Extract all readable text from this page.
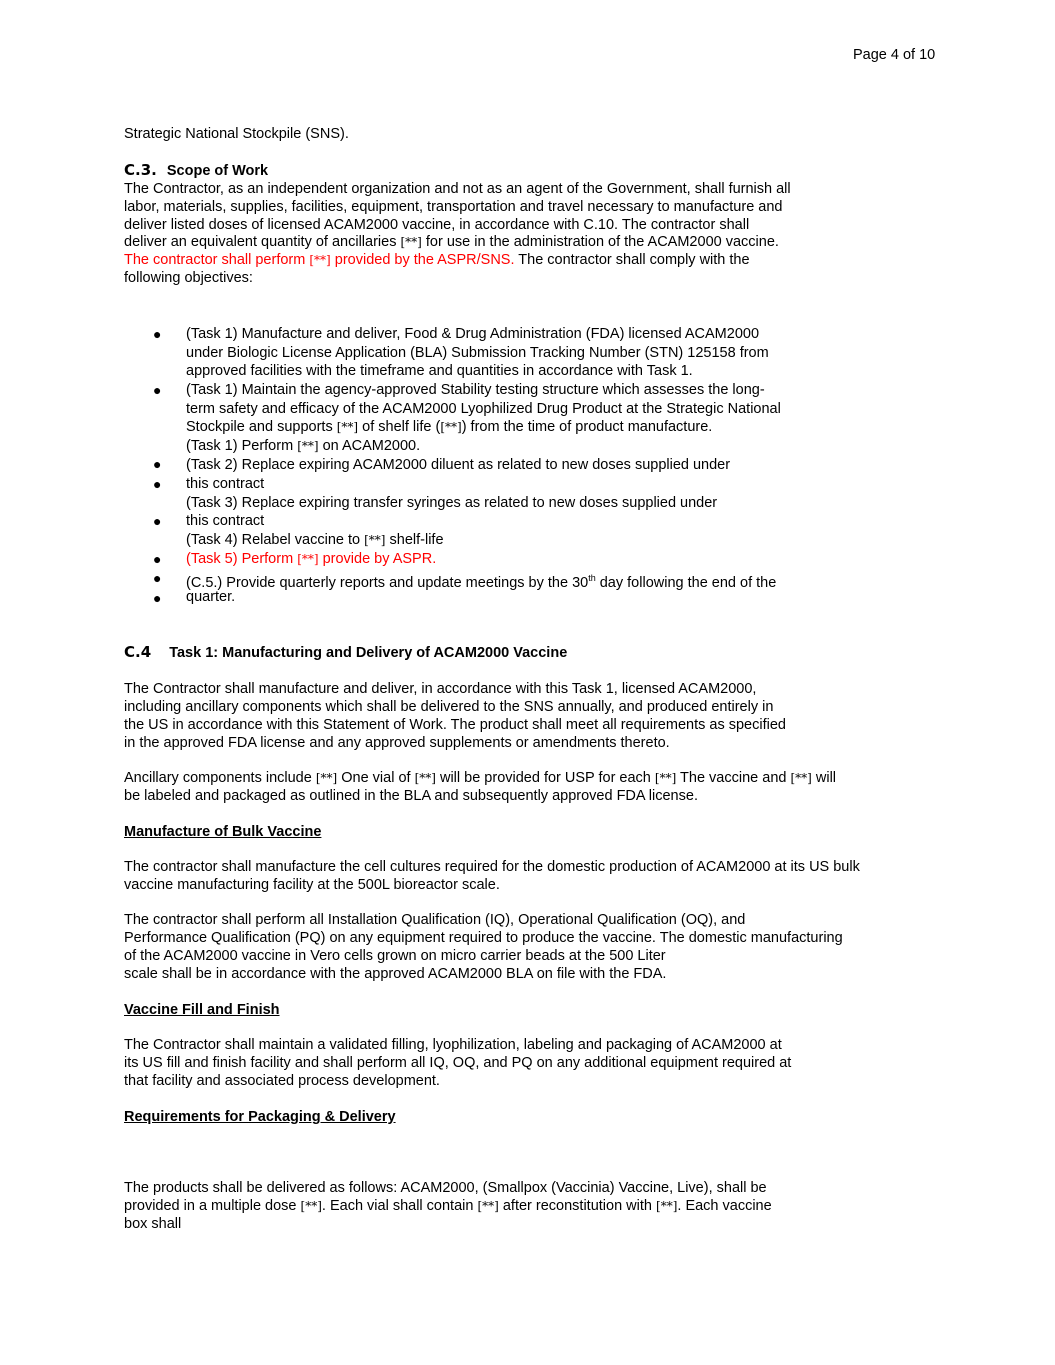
Page 4 of 10
Strategic National Stockpile (SNS).
C.3. Scope of Work
The Contractor, as an independent organization and not as an agent of the Government, shall furnish all
labor, materials, supplies, facilities, equipment, transportation and travel necessary to manufacture and
deliver listed doses of licensed ACAM2000 vaccine, in accordance with C.10. The contractor shall
deliver an equivalent quantity of ancillaries [**] for use in the administration of the ACAM2000 vaccine.
The contractor shall perform [**] provided by the ASPR/SNS. The contractor shall comply with the
following objectives:
●
●
●
●
●
●
●
●
(Task 1) Manufacture and deliver, Food & Drug Administration (FDA) licensed ACAM2000
under Biologic License Application (BLA) Submission Tracking Number (STN) 125158 from
approved facilities with the timeframe and quantities in accordance with Task 1.
(Task 1) Maintain the agency-approved Stability testing structure which assesses the long-
term safety and efficacy of the ACAM2000 Lyophilized Drug Product at the Strategic National
Stockpile and supports [**] of shelf life ([**]) from the time of product manufacture.
(Task 1) Perform [**] on ACAM2000.
(Task 2) Replace expiring ACAM2000 diluent as related to new doses supplied under
this contract
(Task 3) Replace expiring transfer syringes as related to new doses supplied under
this contract
(Task 4) Relabel vaccine to [**] shelf-life
(Task 5) Perform [**] provide by ASPR.
(C.5.) Provide quarterly reports and update meetings by the 30th day following the end of the
quarter.
C.4 Task 1: Manufacturing and Delivery of ACAM2000 Vaccine
The Contractor shall manufacture and deliver, in accordance with this Task 1, licensed ACAM2000,
including ancillary components which shall be delivered to the SNS annually, and produced entirely in
the US in accordance with this Statement of Work. The product shall meet all requirements as specified
in the approved FDA license and any approved supplements or amendments thereto.
Ancillary components include [**] One vial of [**] will be provided for USP for each [**] The vaccine and [**] will
be labeled and packaged as outlined in the BLA and subsequently approved FDA license.
Manufacture of Bulk Vaccine
The contractor shall manufacture the cell cultures required for the domestic production of ACAM2000 at its US bulk
vaccine manufacturing facility at the 500L bioreactor scale.
The contractor shall perform all Installation Qualification (IQ), Operational Qualification (OQ), and
Performance Qualification (PQ) on any equipment required to produce the vaccine. The domestic manufacturing
of the ACAM2000 vaccine in Vero cells grown on micro carrier beads at the 500 Liter
scale shall be in accordance with the approved ACAM2000 BLA on file with the FDA.
Vaccine Fill and Finish
The Contractor shall maintain a validated filling, lyophilization, labeling and packaging of ACAM2000 at
its US fill and finish facility and shall perform all IQ, OQ, and PQ on any additional equipment required at
that facility and associated process development.
Requirements for Packaging & Delivery
The products shall be delivered as follows: ACAM2000, (Smallpox (Vaccinia) Vaccine, Live), shall be
provided in a multiple dose [**]. Each vial shall contain [**] after reconstitution with [**]. Each vaccine
box shall
